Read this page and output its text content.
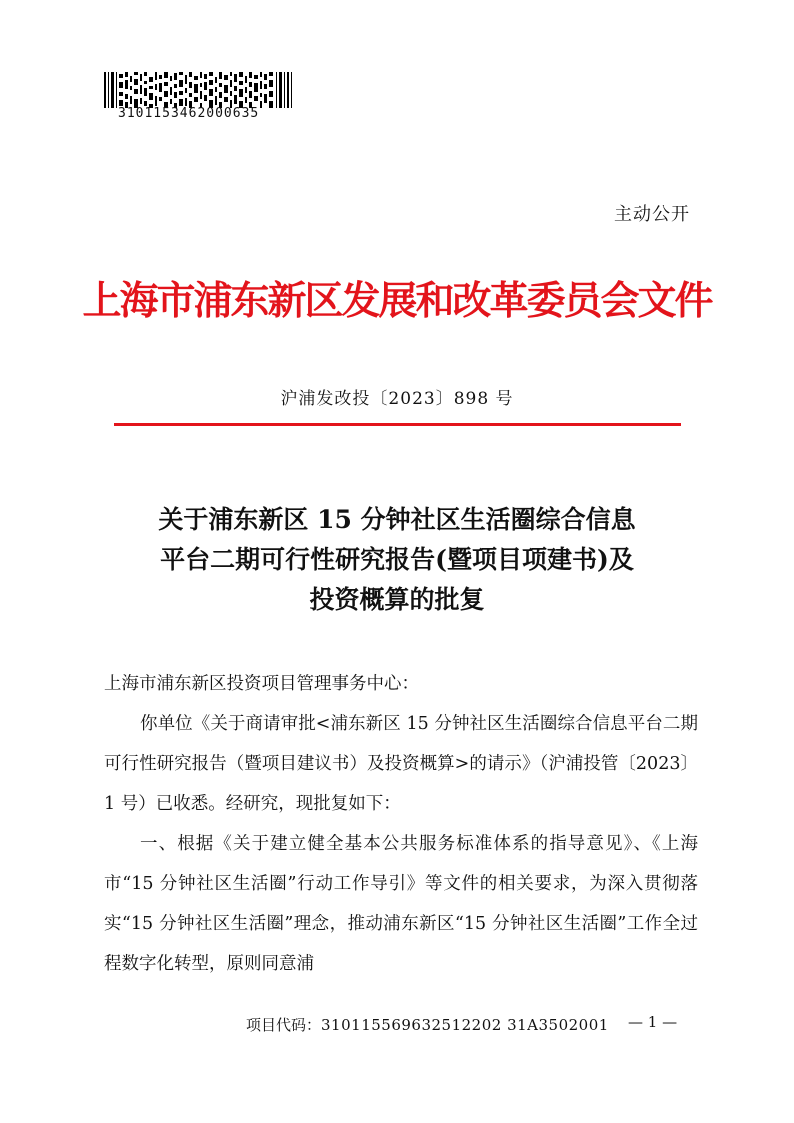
3101153462000635
主动公开
上海市浦东新区发展和改革委员会文件
沪浦发改投〔2023〕898 号
关于浦东新区 15 分钟社区生活圈综合信息
平台二期可行性研究报告(暨项目项建书)及
投资概算的批复

上海市浦东新区投资项目管理事务中心：

你单位《关于商请审批<浦东新区 15 分钟社区生活圈综合信息平台二期可行性研究报告（暨项目建议书）及投资概算>的请示》（沪浦投管〔2023〕1 号）已收悉。经研究，现批复如下：

一、根据《关于建立健全基本公共服务标准体系的指导意见》、《上海市“15 分钟社区生活圈”行动工作导引》等文件的相关要求，为深入贯彻落实“15 分钟社区生活圈”理念，推动浦东新区“15 分钟社区生活圈”工作全过程数字化转型，原则同意浦

项目代码：310115569632512202 31A3502001 — 1 —
